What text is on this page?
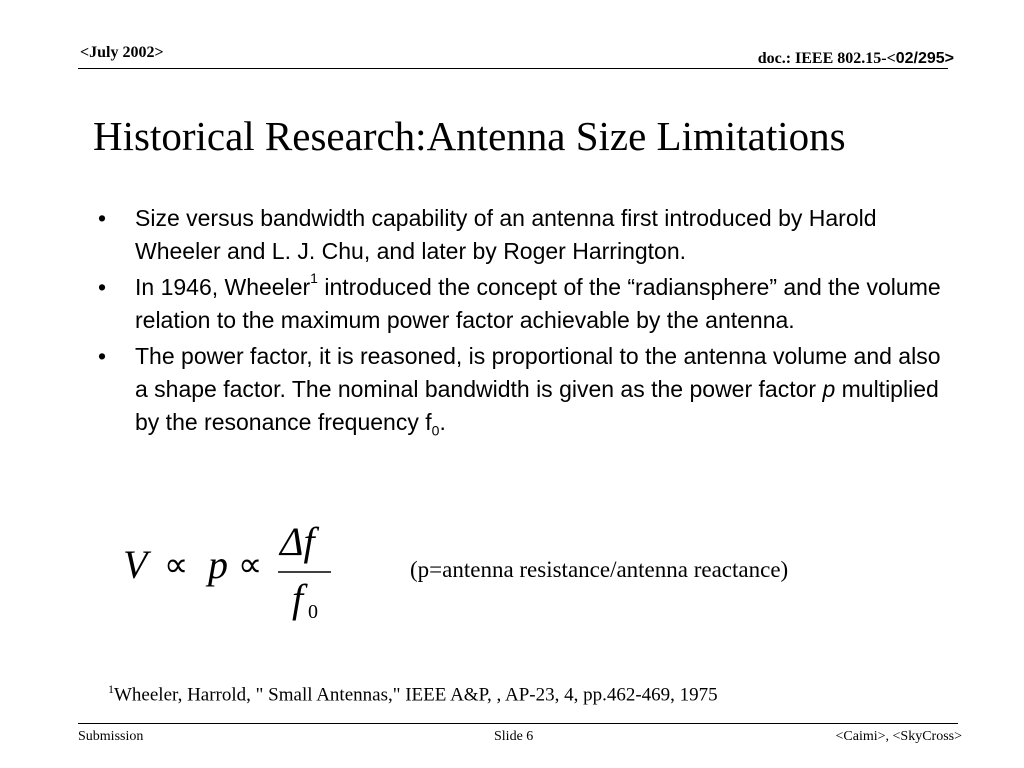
<July 2002>	doc.: IEEE 802.15-<02/295>
Historical Research:Antenna Size Limitations
• Size versus bandwidth capability of an antenna first introduced by Harold Wheeler and L. J. Chu, and later by Roger Harrington.
• In 1946, Wheeler$^1$ introduced the concept of the “radiansphere” and the volume relation to the maximum power factor achievable by the antenna.
• The power factor, it is reasoned, is proportional to the antenna volume and also a shape factor. The nominal bandwidth is given as the power factor p multiplied by the resonance frequency $f_0$.
V p
Δf
f
∝ ∝
0
(p=antenna resistance/antenna reactance)
$^1$Wheeler, Harrold, " Small Antennas," IEEE A&P, , AP-23, 4, pp.462-469, 1975
Submission	Slide 6	<Caimi>, <SkyCross>
